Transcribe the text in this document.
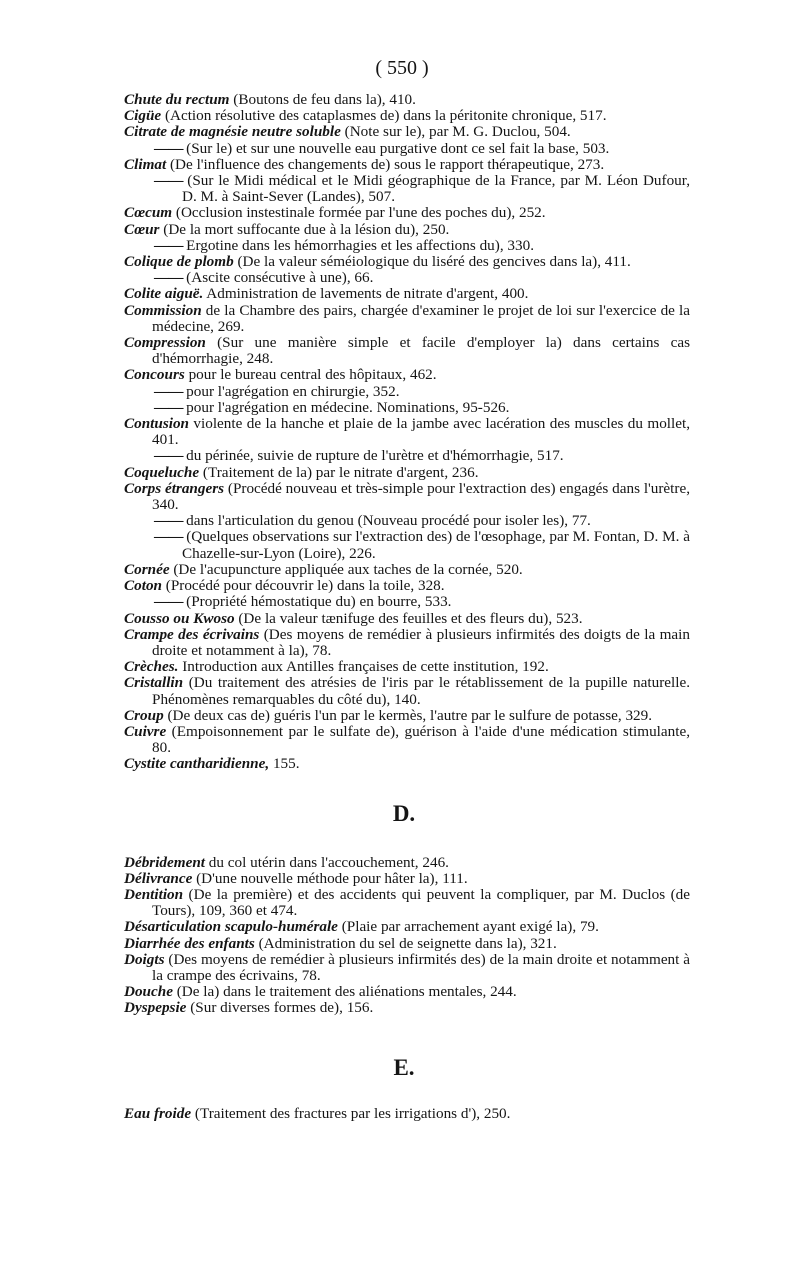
( 550 )
Chute du rectum (Boutons de feu dans la), 410.
Cigüe (Action résolutive des cataplasmes de) dans la péritonite chronique, 517.
Citrate de magnésie neutre soluble (Note sur le), par M. G. Duclou, 504.
—— (Sur le) et sur une nouvelle eau purgative dont ce sel fait la base, 503.
Climat (De l'influence des changements de) sous le rapport thérapeutique, 273.
—— (Sur le Midi médical et le Midi géographique de la France, par M. Léon Dufour, D. M. à Saint-Sever (Landes), 507.
Cœcum (Occlusion instestinale formée par l'une des poches du), 252.
Cœur (De la mort suffocante due à la lésion du), 250.
—— Ergotine dans les hémorrhagies et les affections du), 330.
Colique de plomb (De la valeur séméiologique du liséré des gencives dans la), 411.
—— (Ascite consécutive à une), 66.
Colite aiguë. Administration de lavements de nitrate d'argent, 400.
Commission de la Chambre des pairs, chargée d'examiner le projet de loi sur l'exercice de la médecine, 269.
Compression (Sur une manière simple et facile d'employer la) dans certains cas d'hémorrhagie, 248.
Concours pour le bureau central des hôpitaux, 462.
—— pour l'agrégation en chirurgie, 352.
—— pour l'agrégation en médecine. Nominations, 95-526.
Contusion violente de la hanche et plaie de la jambe avec lacération des muscles du mollet, 401.
—— du périnée, suivie de rupture de l'urètre et d'hémorrhagie, 517.
Coqueluche (Traitement de la) par le nitrate d'argent, 236.
Corps étrangers (Procédé nouveau et très-simple pour l'extraction des) engagés dans l'urètre, 340.
—— dans l'articulation du genou (Nouveau procédé pour isoler les), 77.
—— (Quelques observations sur l'extraction des) de l'œsophage, par M. Fontan, D. M. à Chazelle-sur-Lyon (Loire), 226.
Cornée (De l'acupuncture appliquée aux taches de la cornée, 520.
Coton (Procédé pour découvrir le) dans la toile, 328.
—— (Propriété hémostatique du) en bourre, 533.
Cousso ou Kwoso (De la valeur tænifuge des feuilles et des fleurs du), 523.
Crampe des écrivains (Des moyens de remédier à plusieurs infirmités des doigts de la main droite et notamment à la), 78.
Crèches. Introduction aux Antilles françaises de cette institution, 192.
Cristallin (Du traitement des atrésies de l'iris par le rétablissement de la pupille naturelle. Phénomènes remarquables du côté du), 140.
Croup (De deux cas de) guéris l'un par le kermès, l'autre par le sulfure de potasse, 329.
Cuivre (Empoisonnement par le sulfate de), guérison à l'aide d'une médication stimulante, 80.
Cystite cantharidienne, 155.
D.
Débridement du col utérin dans l'accouchement, 246.
Délivrance (D'une nouvelle méthode pour hâter la), 111.
Dentition (De la première) et des accidents qui peuvent la compliquer, par M. Duclos (de Tours), 109, 360 et 474.
Désarticulation scapulo-humérale (Plaie par arrachement ayant exigé la), 79.
Diarrhée des enfants (Administration du sel de seignette dans la), 321.
Doigts (Des moyens de remédier à plusieurs infirmités des) de la main droite et notamment à la crampe des écrivains, 78.
Douche (De la) dans le traitement des aliénations mentales, 244.
Dyspepsie (Sur diverses formes de), 156.
E.
Eau froide (Traitement des fractures par les irrigations d'), 250.
